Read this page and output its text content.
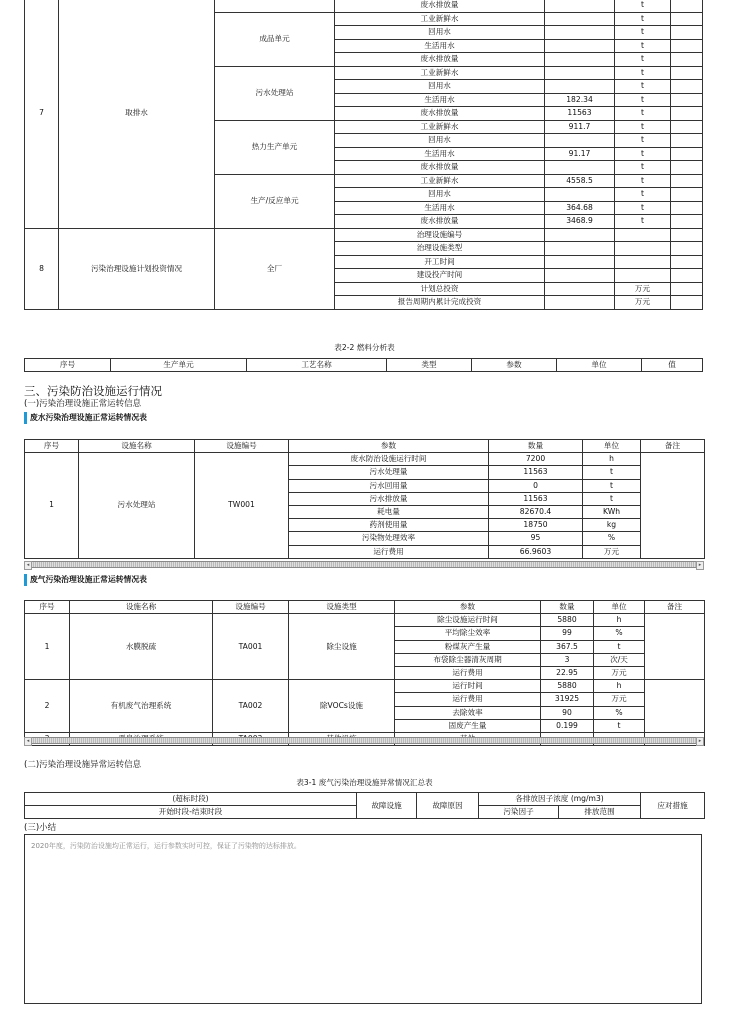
7	取排水		废水排放量		t	
		成品单元	工业新鲜水		t	
			回用水		t	
			生活用水		t	
			废水排放量		t	
		污水处理站	工业新鲜水		t	
			回用水		t	
			生活用水	182.34	t	
			废水排放量	11563	t	
		热力生产单元	工业新鲜水	911.7	t	
			回用水		t	
			生活用水	91.17	t	
			废水排放量		t	
		生产/反应单元	工业新鲜水	4558.5	t	
			回用水		t	
			生活用水	364.68	t	
			废水排放量	3468.9	t	
8	污染治理设施计划投资情况	全厂	治理设施编号			
			治理设施类型			
			开工时间			
			建设投产时间			
			计划总投资		万元	
			报告周期内累计完成投资		万元	
表2-2 燃料分析表
序号	生产单元	工艺名称	类型	参数	单位	值
三、污染防治设施运行情况
(一)污染治理设施正常运转信息
废水污染治理设施正常运转情况表
序号	设施名称	设施编号	参数	数量	单位	备注
1	污水处理站	TW001	废水防治设施运行时间	7200	h	
			污水处理量	11563	t	
			污水回用量	0	t	
			污水排放量	11563	t	
			耗电量	82670.4	KWh	
			药剂使用量	18750	kg	
			污染物处理效率	95	%	
			运行费用	66.9603	万元	
◂	▸
废气污染治理设施正常运转情况表
序号	设施名称	设施编号	设施类型	参数	数量	单位	备注
1	水膜脱硫	TA001	除尘设施	除尘设施运行时间	5880	h	
				平均除尘效率	99	%	
				粉煤灰产生量	367.5	t	
				布袋除尘器清灰周期	3	次/天	
				运行费用	22.95	万元	
2	有机废气治理系统	TA002	除VOCs设施	运行时间	5880	h	
				运行费用	31925	万元	
				去除效率	90	%	
				固废产生量	0.199	t	

◂	▸
(二)污染治理设施异常运转信息
表3-1 废气污染治理设施异常情况汇总表
(超标时段)	故障设施	故障原因	各排放因子浓度 (mg/m3)		应对措施
开始时段-结束时段			污染因子	排放范围	
(三)小结
2020年度，污染防治设施均正常运行，运行参数实时可控，保证了污染物的达标排放。
